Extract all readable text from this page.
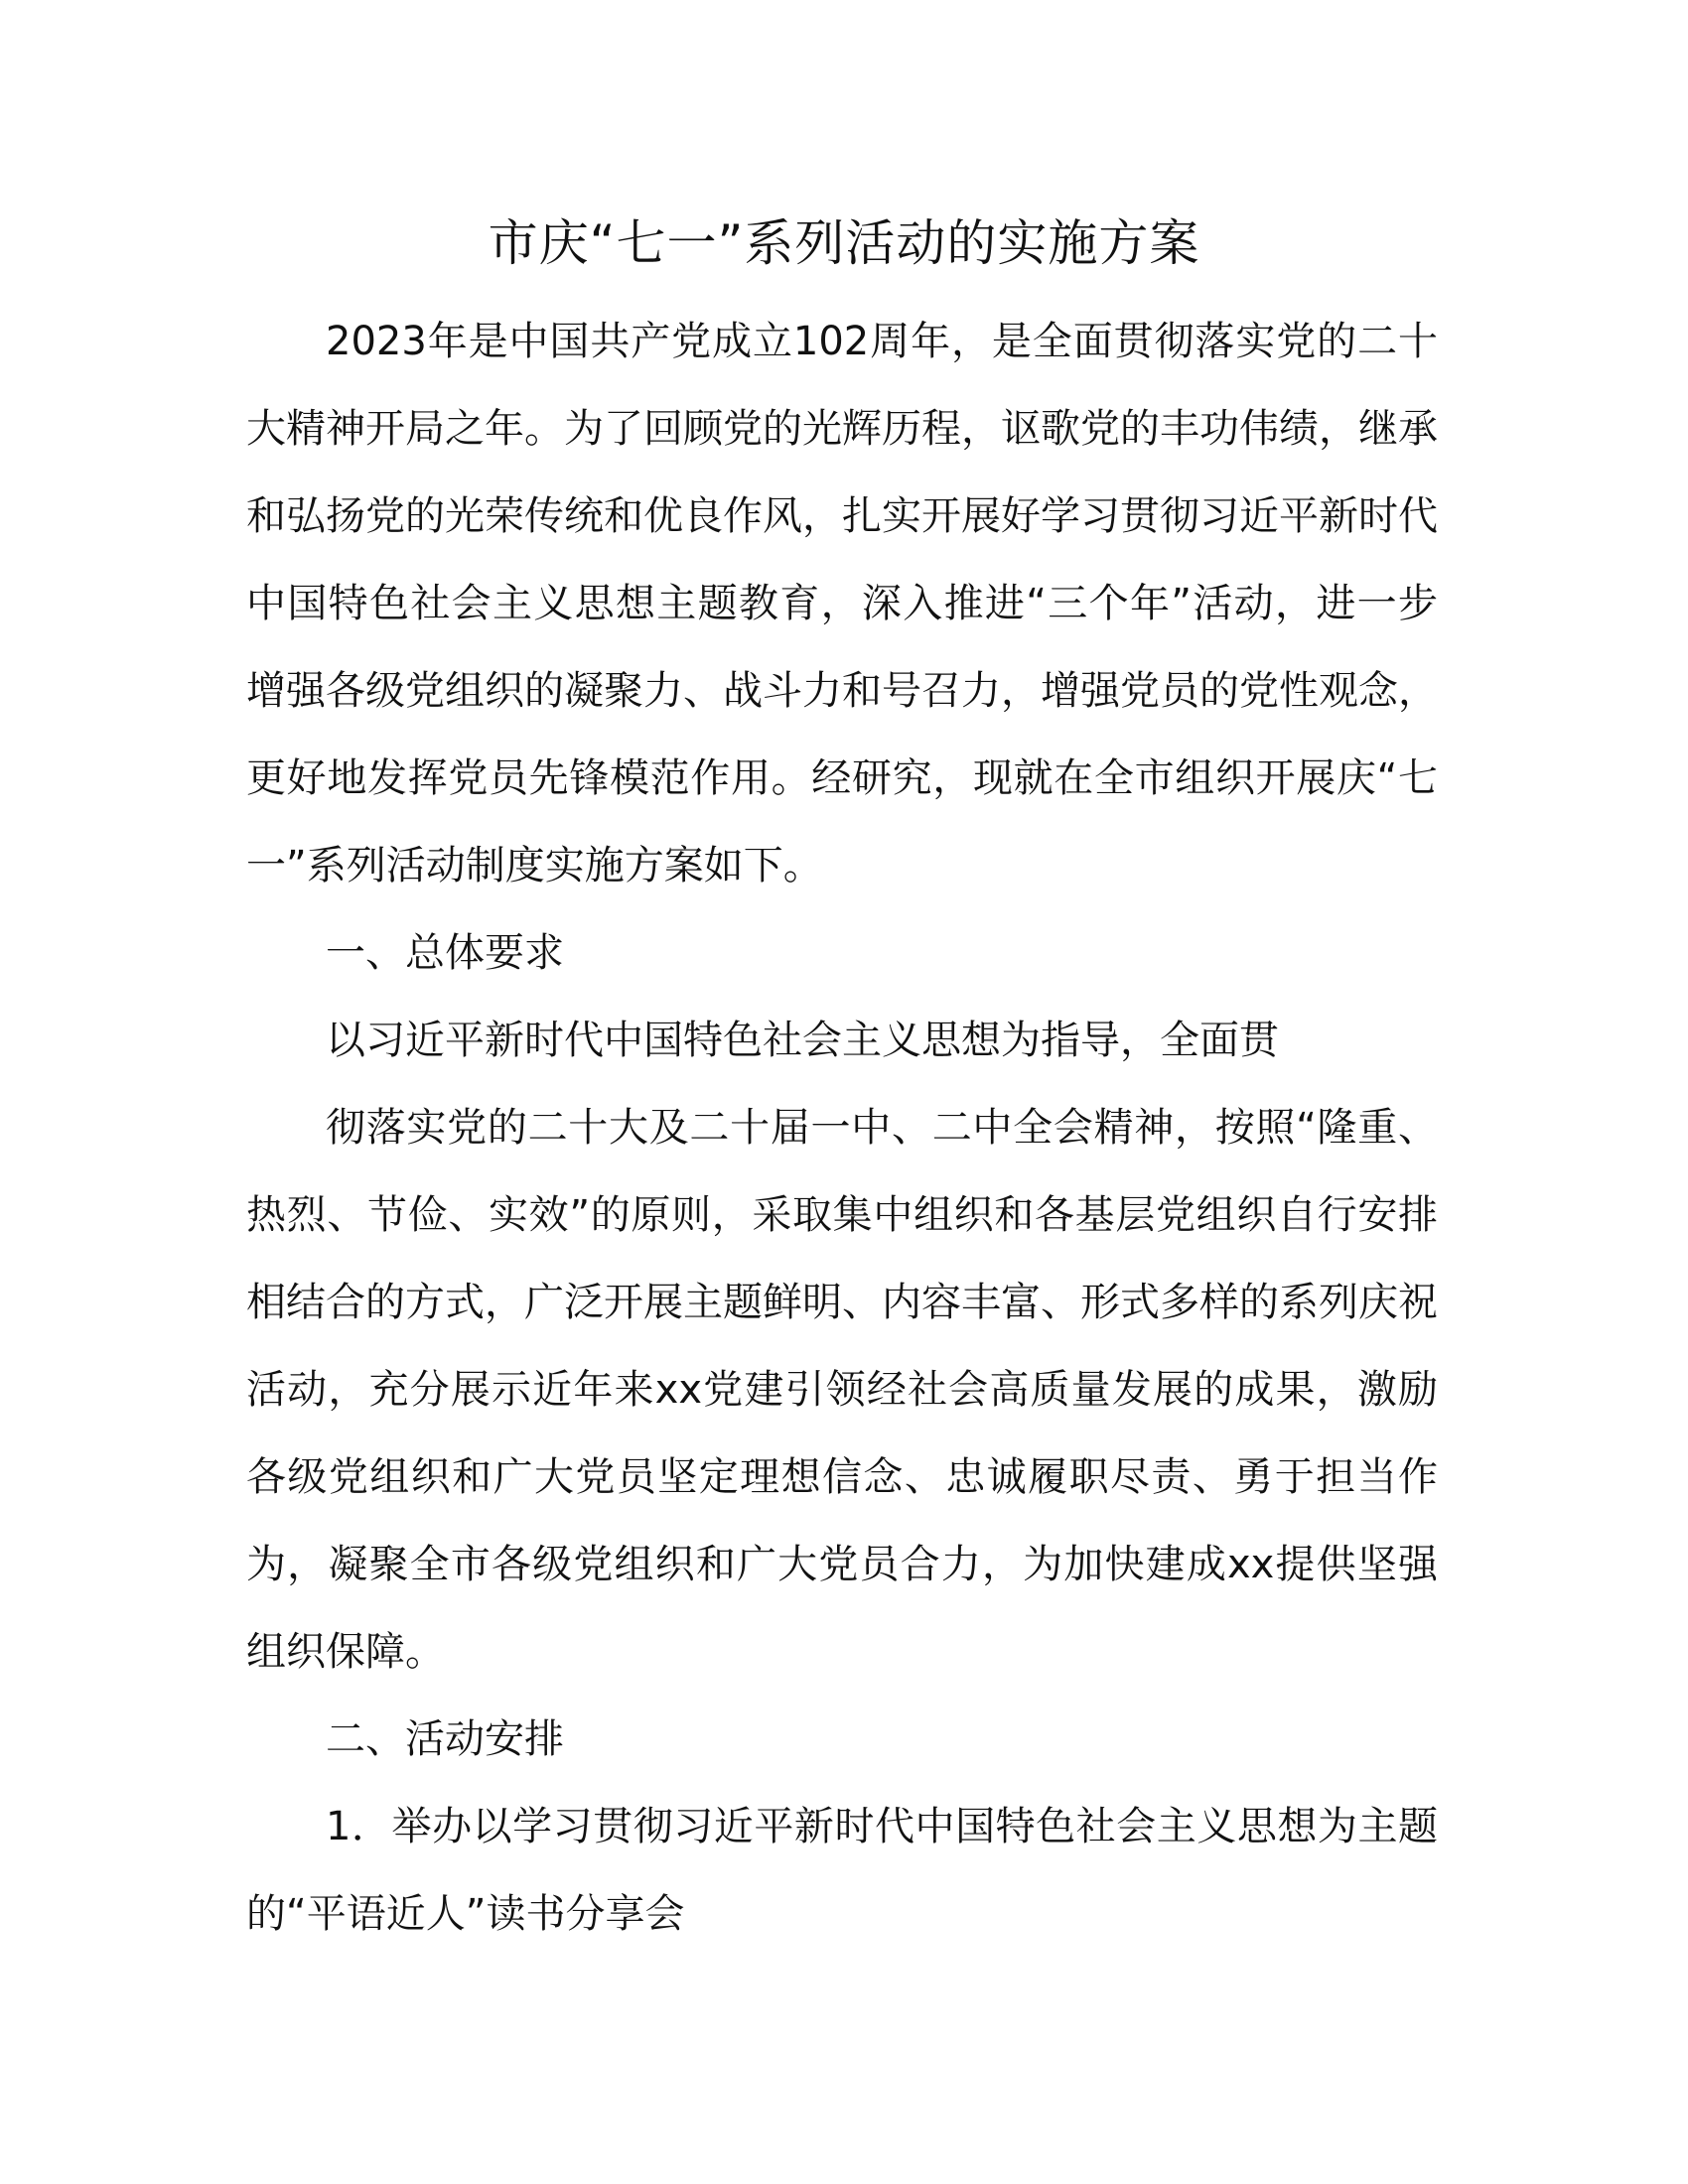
市庆“七一”系列活动的实施方案

2023年是中国共产党成立102周年，是全面贯彻落实党的二十大精神开局之年。为了回顾党的光辉历程，讴歌党的丰功伟绩，继承和弘扬党的光荣传统和优良作风，扎实开展好学习贯彻习近平新时代中国特色社会主义思想主题教育，深入推进“三个年”活动，进一步增强各级党组织的凝聚力、战斗力和号召力，增强党员的党性观念，更好地发挥党员先锋模范作用。经研究，现就在全市组织开展庆“七一”系列活动制度实施方案如下。

一、总体要求

以习近平新时代中国特色社会主义思想为指导，全面贯

彻落实党的二十大及二十届一中、二中全会精神，按照“隆重、热烈、节俭、实效”的原则，采取集中组织和各基层党组织自行安排相结合的方式，广泛开展主题鲜明、内容丰富、形式多样的系列庆祝活动，充分展示近年来xx党建引领经社会高质量发展的成果，激励各级党组织和广大党员坚定理想信念、忠诚履职尽责、勇于担当作为，凝聚全市各级党组织和广大党员合力，为加快建成xx提供坚强组织保障。

二、活动安排

1．举办以学习贯彻习近平新时代中国特色社会主义思想为主题的“平语近人”读书分享会
